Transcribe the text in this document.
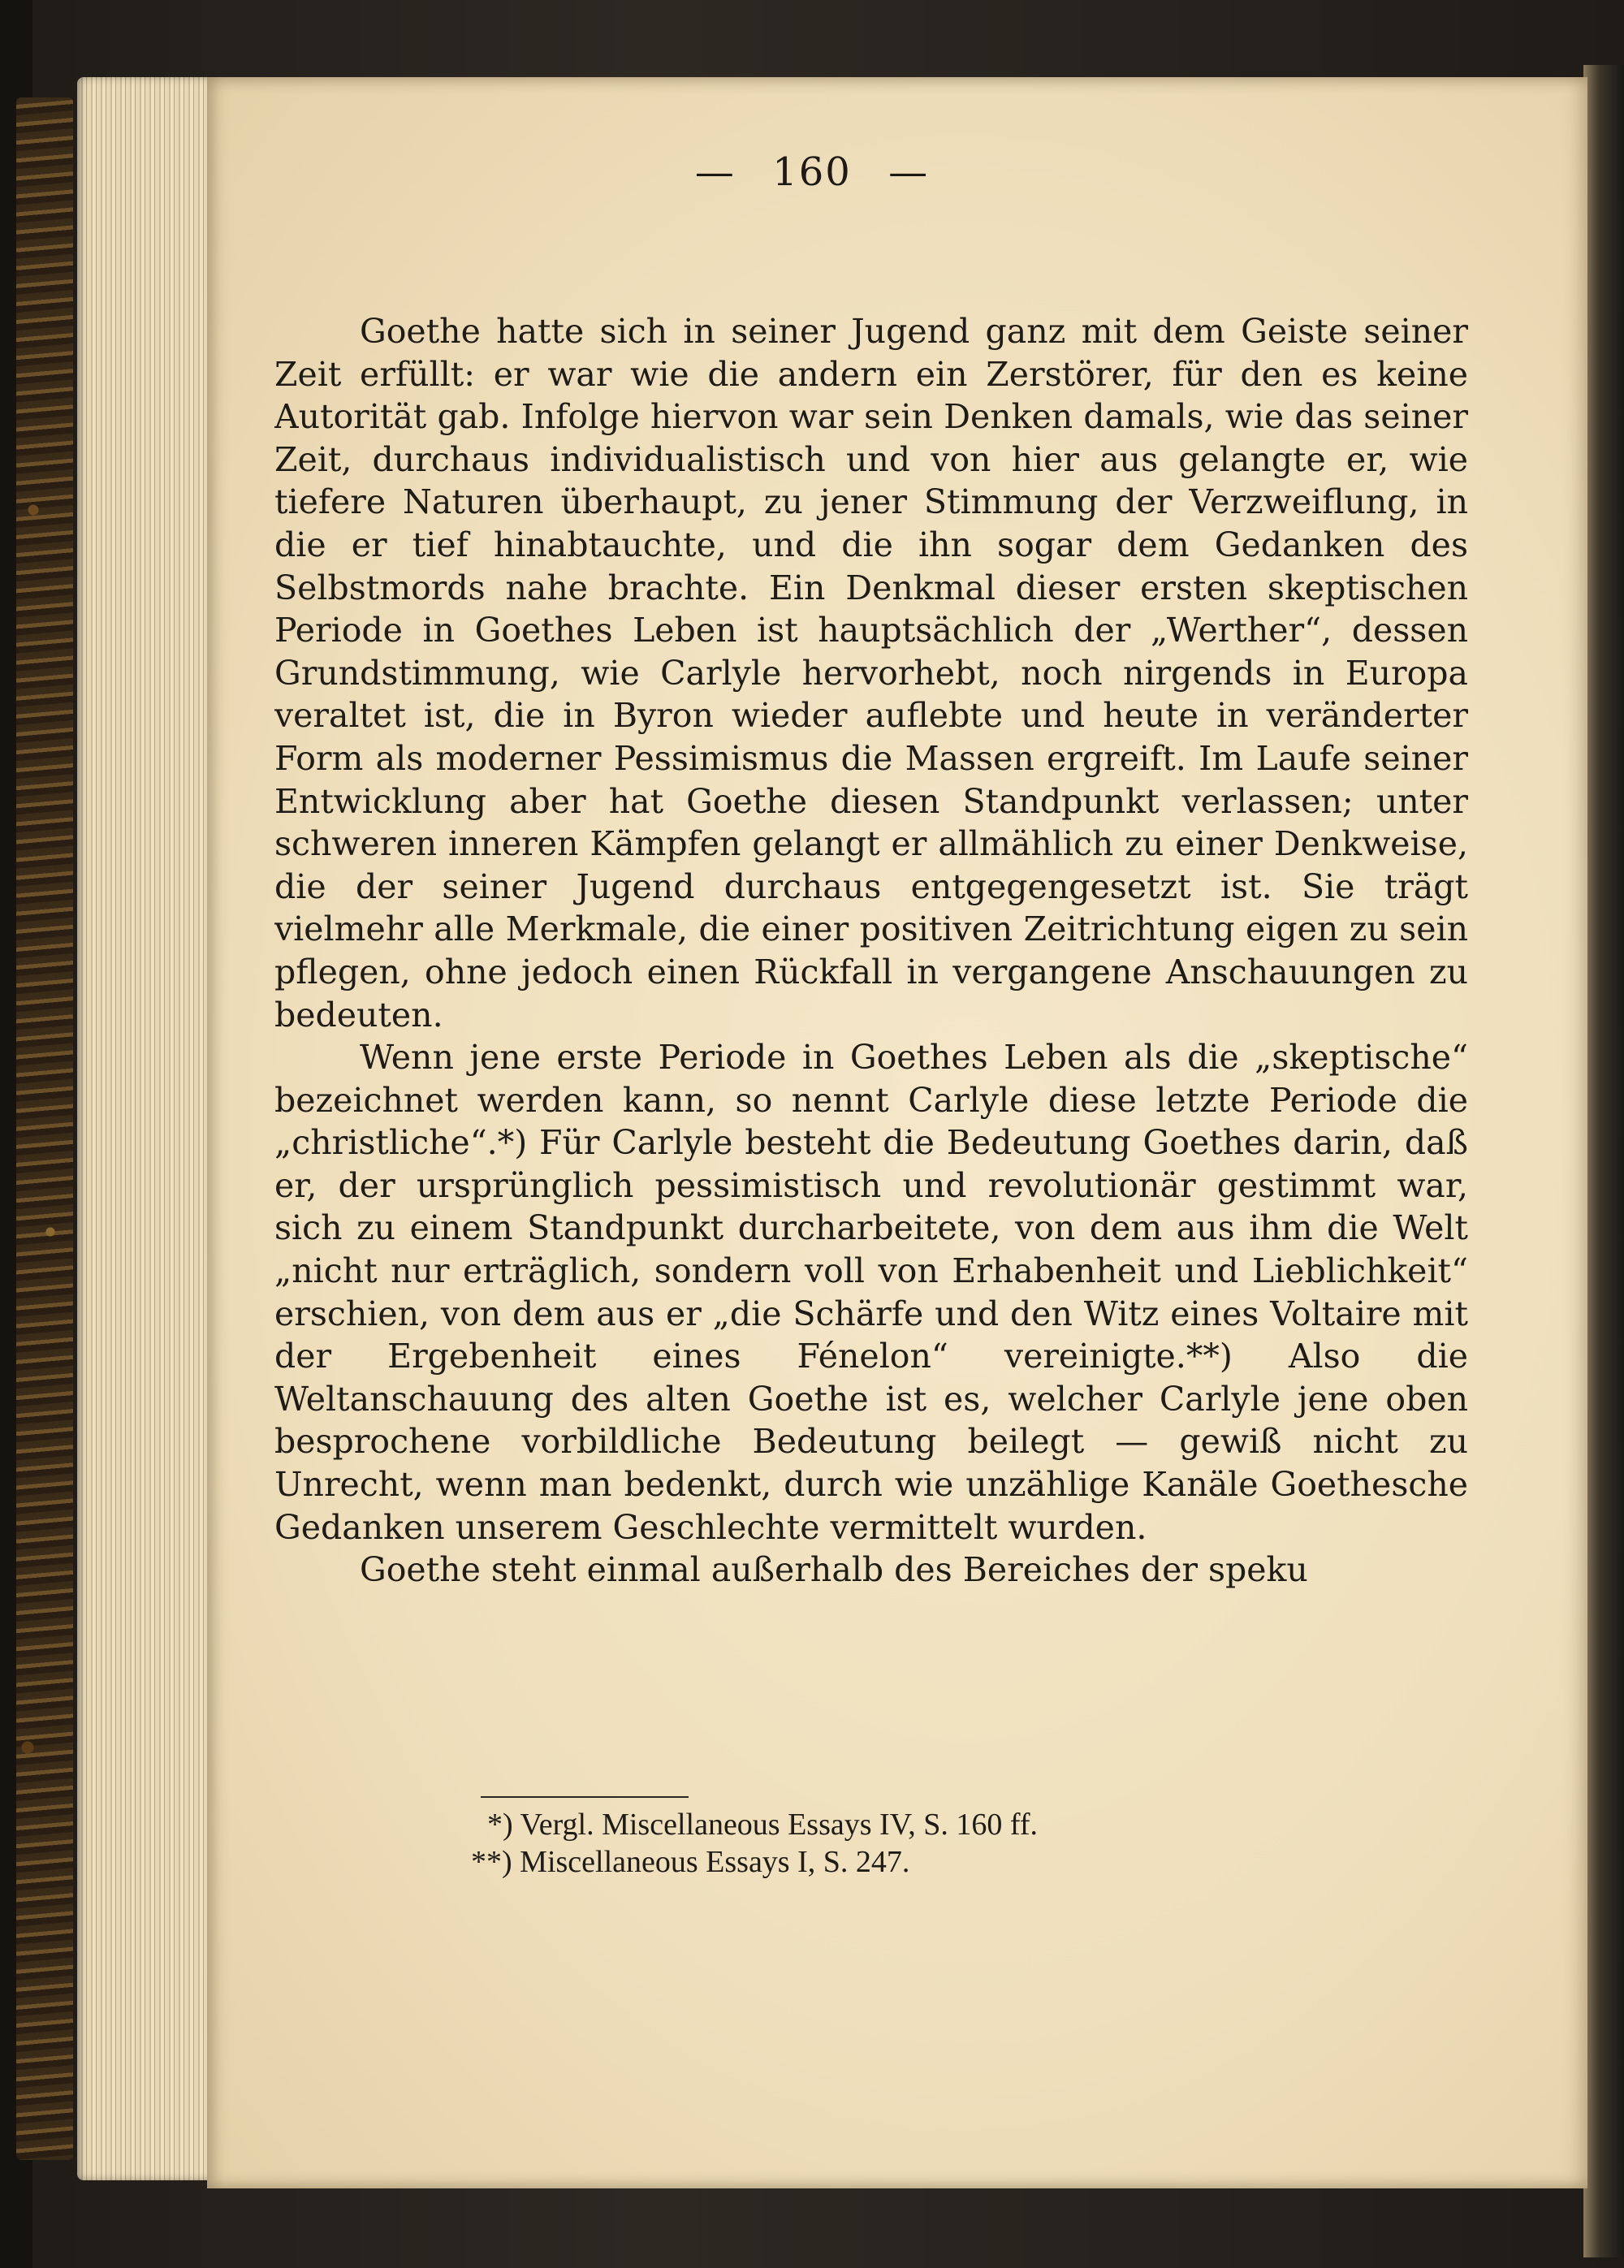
— 160 —

Goethe hatte sich in seiner Jugend ganz mit dem Geiste seiner Zeit erfüllt: er war wie die andern ein Zerstörer, für den es keine Autorität gab. Infolge hiervon war sein Denken damals, wie das seiner Zeit, durchaus individualistisch und von hier aus gelangte er, wie tiefere Naturen überhaupt, zu jener Stimmung der Verzweiflung, in die er tief hinabtauchte, und die ihn sogar dem Gedanken des Selbstmords nahe brachte. Ein Denkmal dieser ersten skeptischen Periode in Goethes Leben ist hauptsächlich der „Werther“, dessen Grundstimmung, wie Carlyle hervorhebt, noch nirgends in Europa veraltet ist, die in Byron wieder auflebte und heute in veränderter Form als moderner Pessimismus die Massen ergreift. Im Laufe seiner Entwicklung aber hat Goethe diesen Standpunkt verlassen; unter schweren inneren Kämpfen gelangt er allmählich zu einer Denkweise, die der seiner Jugend durchaus entgegengesetzt ist. Sie trägt vielmehr alle Merkmale, die einer positiven Zeitrichtung eigen zu sein pflegen, ohne jedoch einen Rückfall in vergangene Anschauungen zu bedeuten.

Wenn jene erste Periode in Goethes Leben als die „skeptische“ bezeichnet werden kann, so nennt Carlyle diese letzte Periode die „christliche“.*) Für Carlyle besteht die Bedeutung Goethes darin, daß er, der ursprünglich pessimistisch und revolutionär gestimmt war, sich zu einem Standpunkt durcharbeitete, von dem aus ihm die Welt „nicht nur erträglich, sondern voll von Erhabenheit und Lieblichkeit“ erschien, von dem aus er „die Schärfe und den Witz eines Voltaire mit der Ergebenheit eines Fénelon“ vereinigte.**) Also die Weltanschauung des alten Goethe ist es, welcher Carlyle jene oben besprochene vorbildliche Bedeutung beilegt — gewiß nicht zu Unrecht, wenn man bedenkt, durch wie unzählige Kanäle Goethesche Gedanken unserem Geschlechte vermittelt wurden.

Goethe steht einmal außerhalb des Bereiches der speku

*) Vergl. Miscellaneous Essays IV, S. 160 ff.
**) Miscellaneous Essays I, S. 247.
